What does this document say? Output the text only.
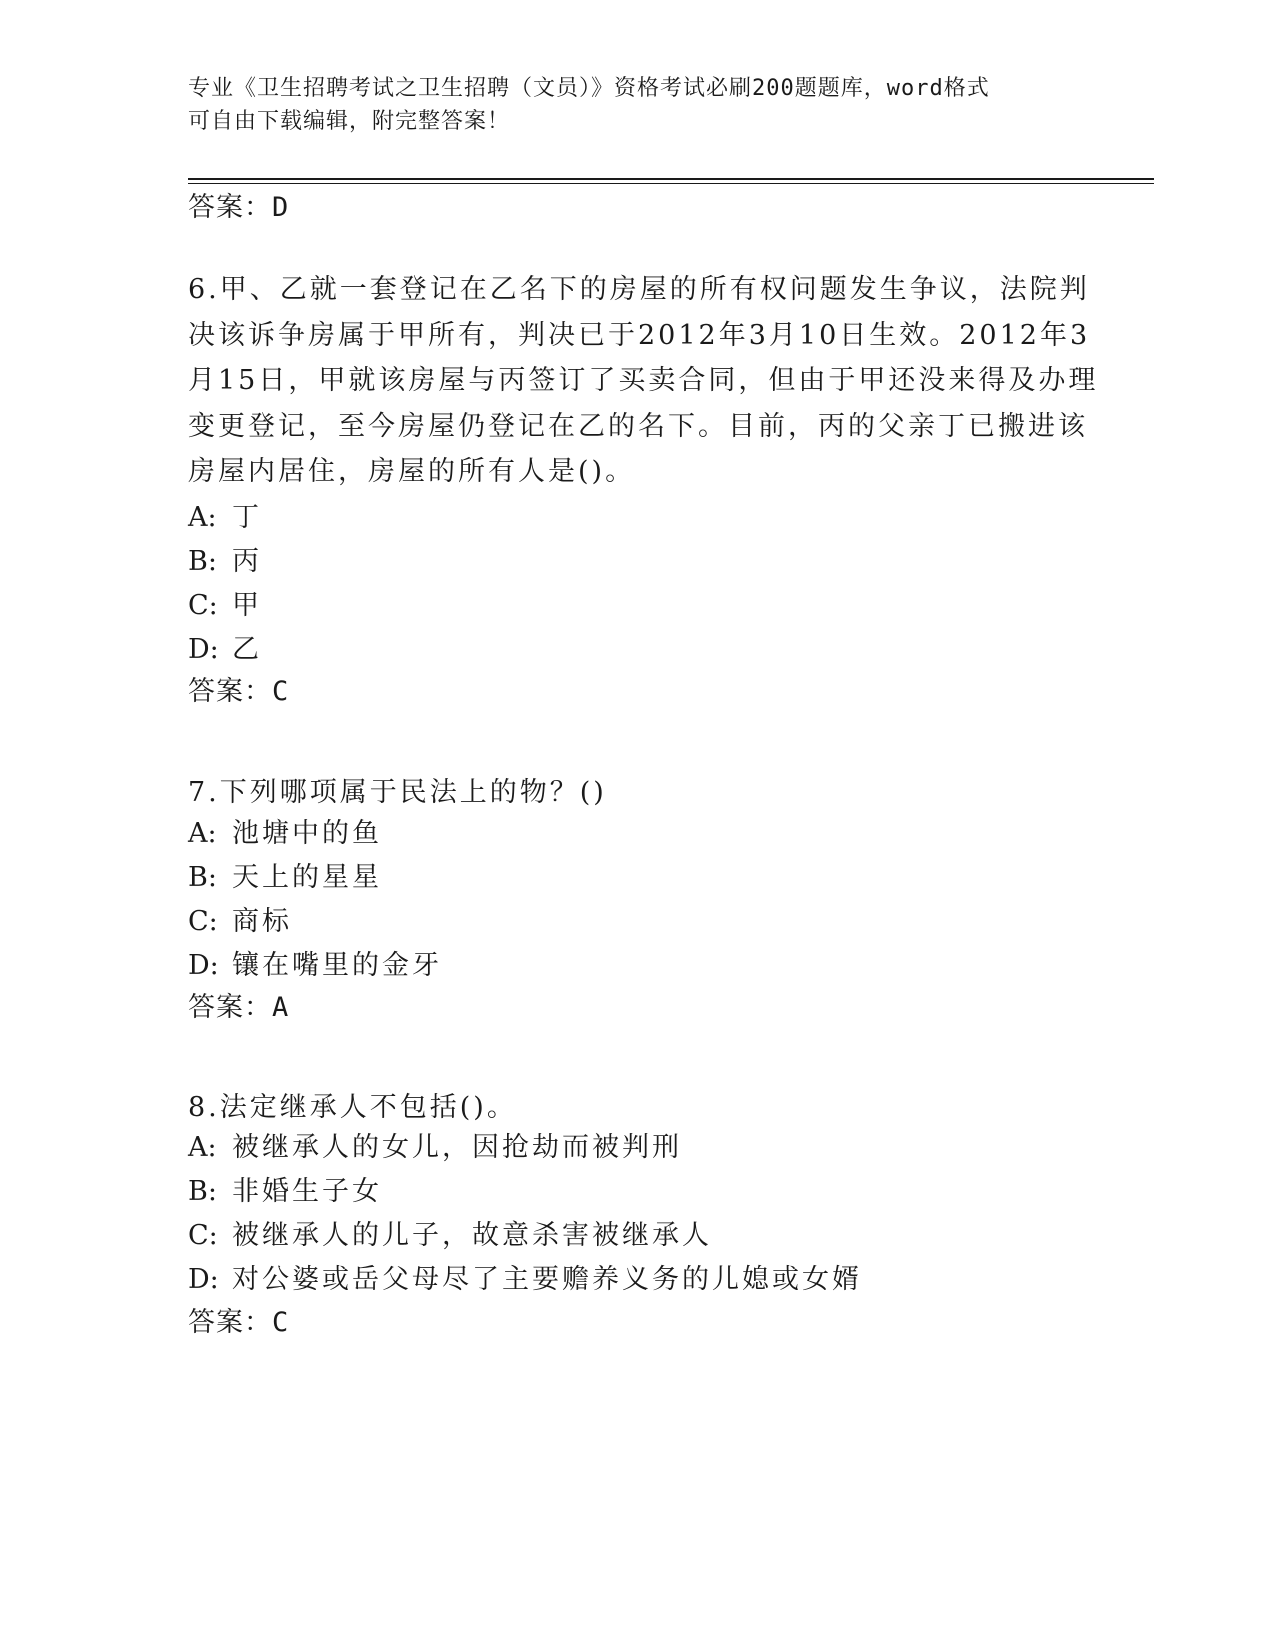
专业《卫生招聘考试之卫生招聘（文员）》资格考试必刷200题题库，word格式
可自由下载编辑，附完整答案！
答案：D
6.甲、乙就一套登记在乙名下的房屋的所有权问题发生争议，法院判
决该诉争房属于甲所有，判决已于2012年3月10日生效。2012年3
月15日，甲就该房屋与丙签订了买卖合同，但由于甲还没来得及办理
变更登记，至今房屋仍登记在乙的名下。目前，丙的父亲丁已搬进该
房屋内居住，房屋的所有人是()。
A: 丁
B: 丙
C: 甲
D: 乙
答案：C
7.下列哪项属于民法上的物？()
A: 池塘中的鱼
B: 天上的星星
C: 商标
D: 镶在嘴里的金牙
答案：A
8.法定继承人不包括()。
A: 被继承人的女儿，因抢劫而被判刑
B: 非婚生子女
C: 被继承人的儿子，故意杀害被继承人
D: 对公婆或岳父母尽了主要赡养义务的儿媳或女婿
答案：C
